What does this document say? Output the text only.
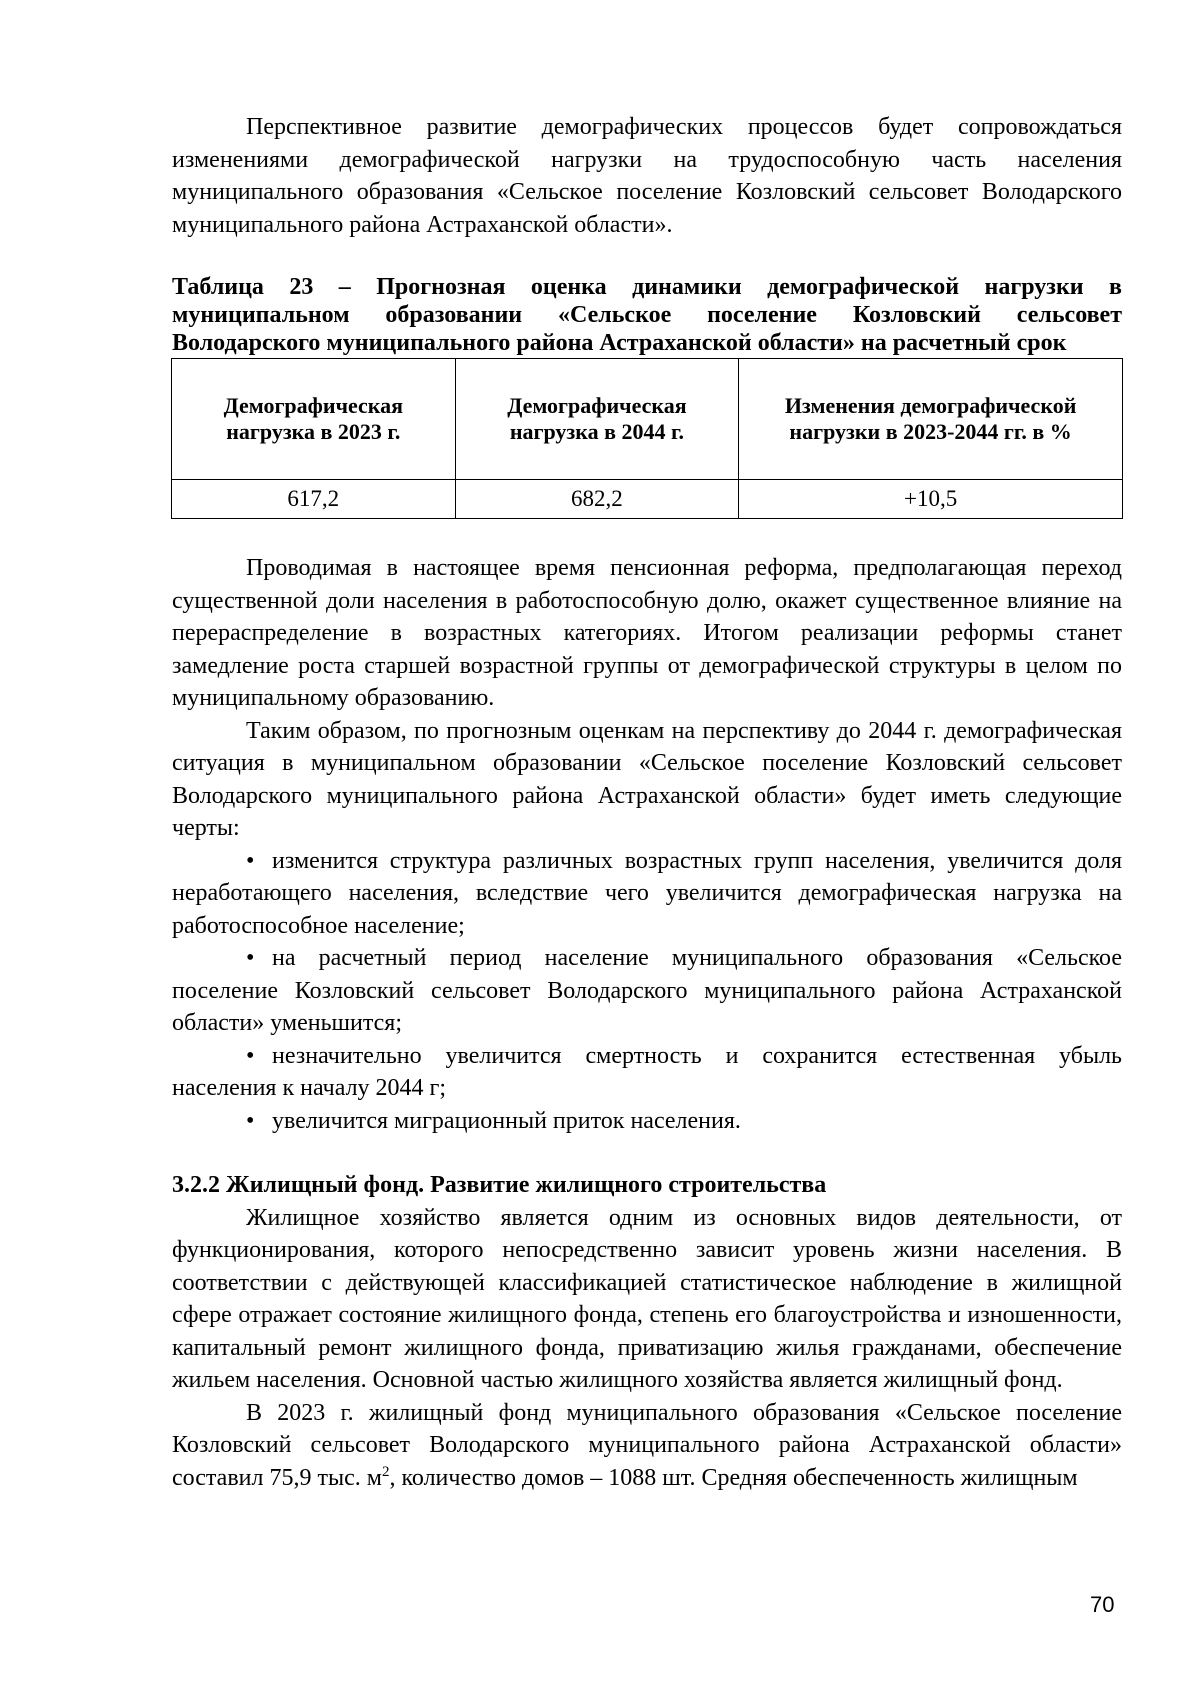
Перспективное развитие демографических процессов будет сопровождаться изменениями демографической нагрузки на трудоспособную часть населения муниципального образования «Сельское поселение Козловский сельсовет Володарского муниципального района Астраханской области».

Таблица 23 – Прогнозная оценка динамики демографической нагрузки в муниципальном образовании «Сельское поселение Козловский сельсовет Володарского муниципального района Астраханской области» на расчетный срок

Демографическая нагрузка в 2023 г.	Демографическая нагрузка в 2044 г.	Изменения демографической нагрузки в 2023-2044 гг. в %
617,2	682,2	+10,5

Проводимая в настоящее время пенсионная реформа, предполагающая переход существенной доли населения в работоспособную долю, окажет существенное влияние на перераспределение в возрастных категориях. Итогом реализации реформы станет замедление роста старшей возрастной группы от демографической структуры в целом по муниципальному образованию.

Таким образом, по прогнозным оценкам на перспективу до 2044 г. демографическая ситуация в муниципальном образовании «Сельское поселение Козловский сельсовет Володарского муниципального района Астраханской области» будет иметь следующие черты:

• изменится структура различных возрастных групп населения, увеличится доля неработающего населения, вследствие чего увеличится демографическая нагрузка на работоспособное население;
• на расчетный период население муниципального образования «Сельское поселение Козловский сельсовет Володарского муниципального района Астраханской области» уменьшится;
• незначительно увеличится смертность и сохранится естественная убыль населения к началу 2044 г;
• увеличится миграционный приток населения.

3.2.2 Жилищный фонд. Развитие жилищного строительства

Жилищное хозяйство является одним из основных видов деятельности, от функционирования, которого непосредственно зависит уровень жизни населения. В соответствии с действующей классификацией статистическое наблюдение в жилищной сфере отражает состояние жилищного фонда, степень его благоустройства и изношенности, капитальный ремонт жилищного фонда, приватизацию жилья гражданами, обеспечение жильем населения. Основной частью жилищного хозяйства является жилищный фонд.

В 2023 г. жилищный фонд муниципального образования «Сельское поселение Козловский сельсовет Володарского муниципального района Астраханской области» составил 75,9 тыс. $м^2$, количество домов – 1088 шт. Средняя обеспеченность жилищным

70
